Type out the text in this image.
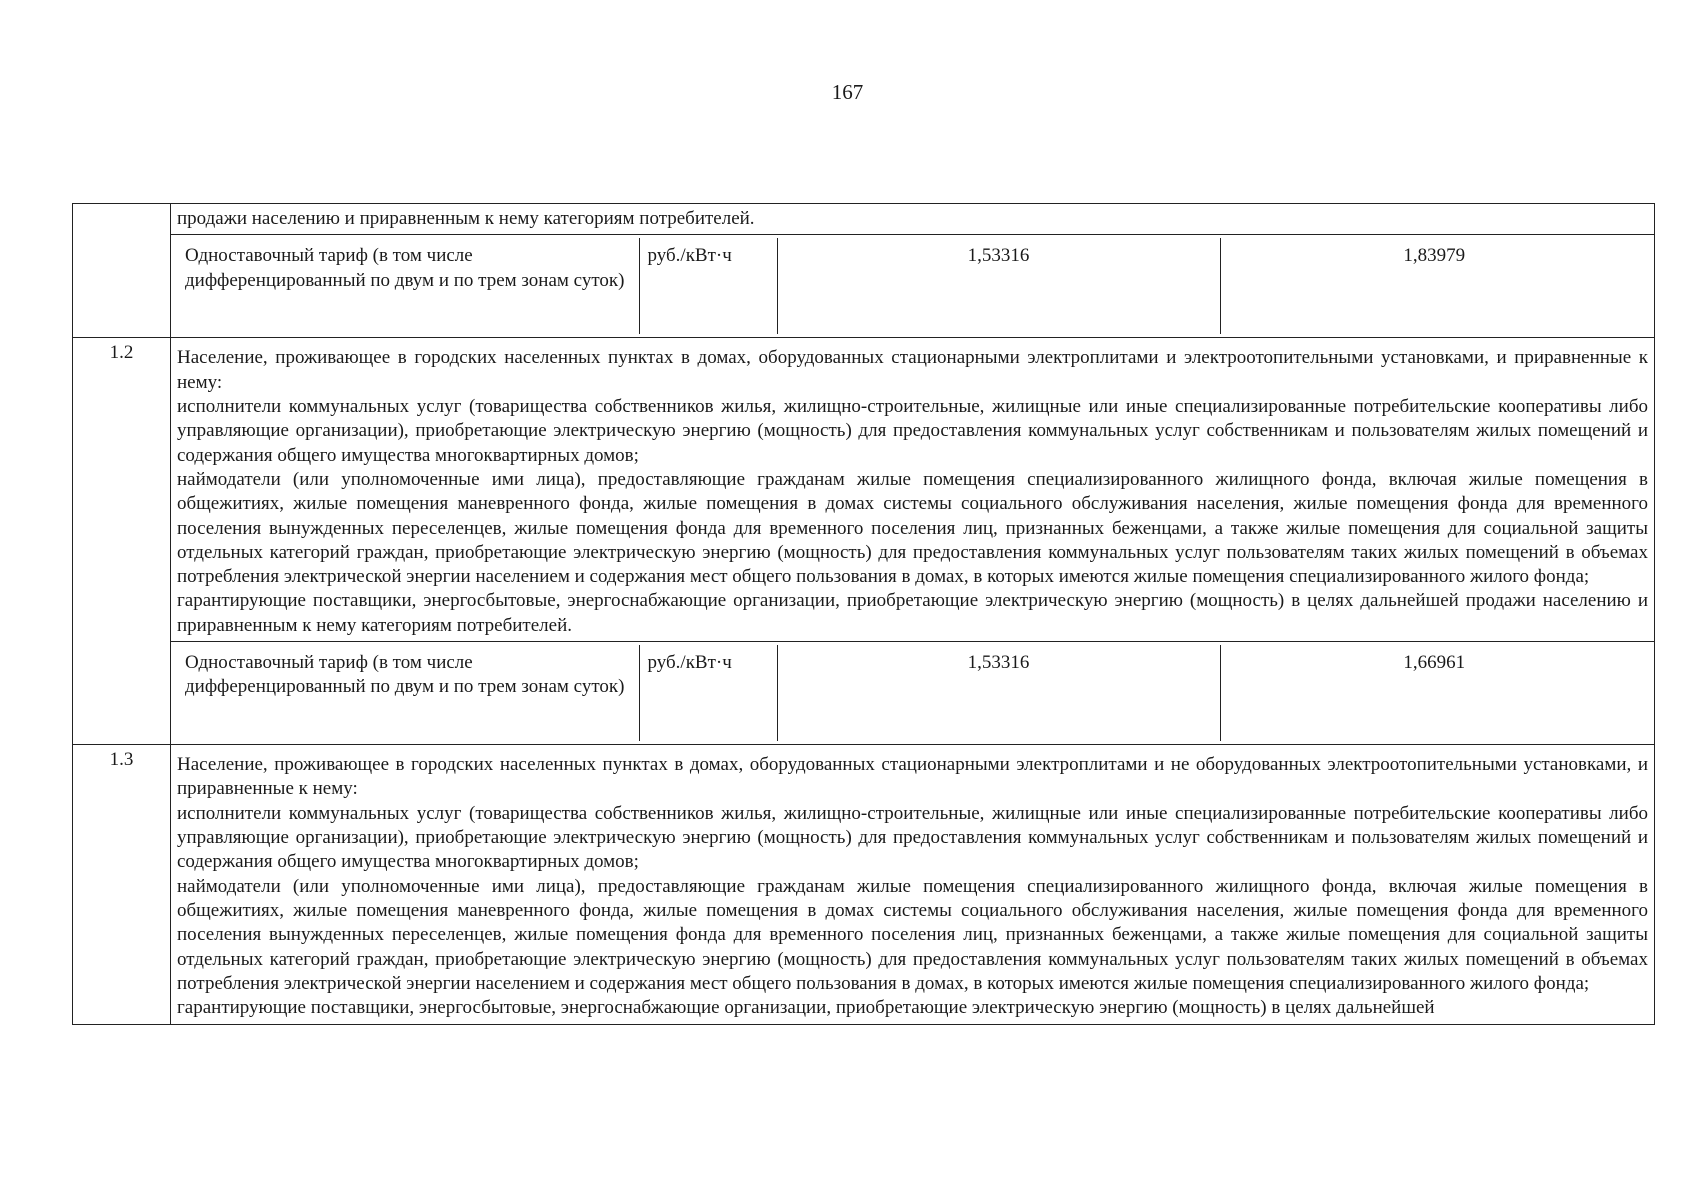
167

продажи населению и приравненным к нему категориям потребителей.

Одноставочный тариф (в том числе дифференцированный по двум и по трем зонам суток)	руб./кВт·ч	1,53316	1,83979

1.2	Население, проживающее в городских населенных пунктах в домах, оборудованных стационарными электроплитами и электроотопительными установками, и приравненные к нему:

исполнители коммунальных услуг (товарищества собственников жилья, жилищно-строительные, жилищные или иные специализированные потребительские кооперативы либо управляющие организации), приобретающие электрическую энергию (мощность) для предоставления коммунальных услуг собственникам и пользователям жилых помещений и содержания общего имущества многоквартирных домов;

наймодатели (или уполномоченные ими лица), предоставляющие гражданам жилые помещения специализированного жилищного фонда, включая жилые помещения в общежитиях, жилые помещения маневренного фонда, жилые помещения в домах системы социального обслуживания населения, жилые помещения фонда для временного поселения вынужденных переселенцев, жилые помещения фонда для временного поселения лиц, признанных беженцами, а также жилые помещения для социальной защиты отдельных категорий граждан, приобретающие электрическую энергию (мощность) для предоставления коммунальных услуг пользователям таких жилых помещений в объемах потребления электрической энергии населением и содержания мест общего пользования в домах, в которых имеются жилые помещения специализированного жилого фонда;

гарантирующие поставщики, энергосбытовые, энергоснабжающие организации, приобретающие электрическую энергию (мощность) в целях дальнейшей продажи населению и приравненным к нему категориям потребителей.

Одноставочный тариф (в том числе дифференцированный по двум и по трем зонам суток)	руб./кВт·ч	1,53316	1,66961

1.3	Население, проживающее в городских населенных пунктах в домах, оборудованных стационарными электроплитами и не оборудованных электроотопительными установками, и приравненные к нему:

исполнители коммунальных услуг (товарищества собственников жилья, жилищно-строительные, жилищные или иные специализированные потребительские кооперативы либо управляющие организации), приобретающие электрическую энергию (мощность) для предоставления коммунальных услуг собственникам и пользователям жилых помещений и содержания общего имущества многоквартирных домов;

наймодатели (или уполномоченные ими лица), предоставляющие гражданам жилые помещения специализированного жилищного фонда, включая жилые помещения в общежитиях, жилые помещения маневренного фонда, жилые помещения в домах системы социального обслуживания населения, жилые помещения фонда для временного поселения вынужденных переселенцев, жилые помещения фонда для временного поселения лиц, признанных беженцами, а также жилые помещения для социальной защиты отдельных категорий граждан, приобретающие электрическую энергию (мощность) для предоставления коммунальных услуг пользователям таких жилых помещений в объемах потребления электрической энергии населением и содержания мест общего пользования в домах, в которых имеются жилые помещения специализированного жилого фонда;

гарантирующие поставщики, энергосбытовые, энергоснабжающие организации, приобретающие электрическую энергию (мощность) в целях дальнейшей
